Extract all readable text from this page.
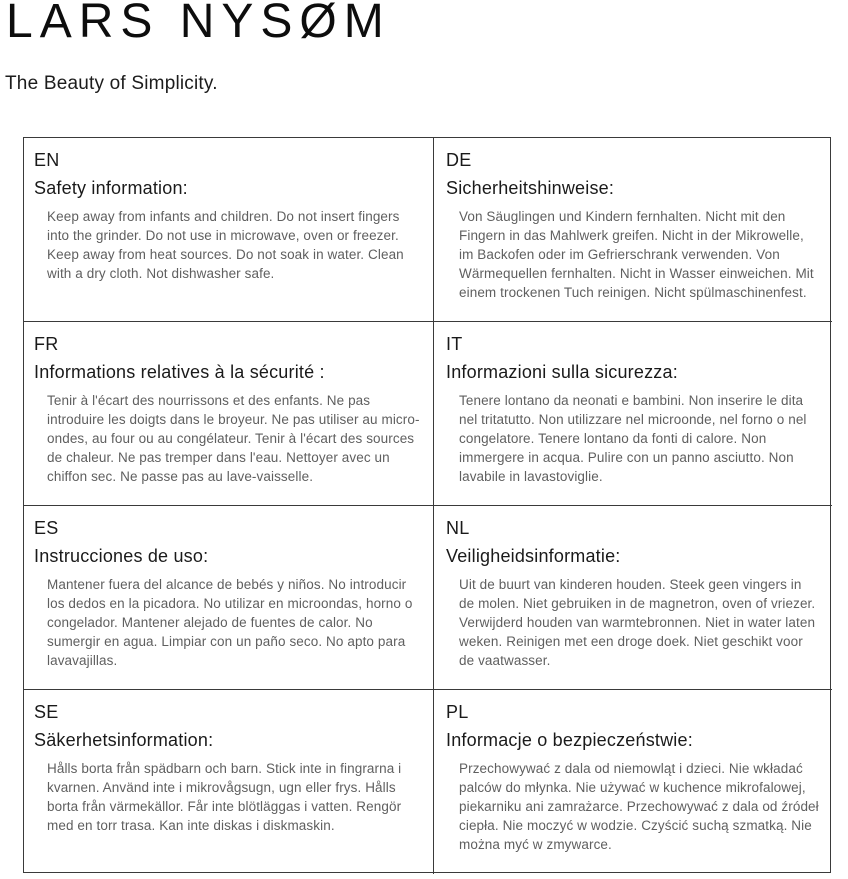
LARS NYSØM
The Beauty of Simplicity.
EN
Safety information:

Keep away from infants and children. Do not insert fingers into the grinder. Do not use in microwave, oven or freezer. Keep away from heat sources. Do not soak in water. Clean with a dry cloth. Not dishwasher safe.

DE
Sicherheitshinweise:

Von Säuglingen und Kindern fernhalten. Nicht mit den Fingern in das Mahlwerk greifen. Nicht in der Mikrowelle, im Backofen oder im Gefrierschrank verwenden. Von Wärmequellen fernhalten. Nicht in Wasser einweichen. Mit einem trockenen Tuch reinigen. Nicht spülmaschinenfest.

FR
Informations relatives à la sécurité :

Tenir à l'écart des nourrissons et des enfants. Ne pas introduire les doigts dans le broyeur. Ne pas utiliser au micro-ondes, au four ou au congélateur. Tenir à l'écart des sources de chaleur. Ne pas tremper dans l'eau. Nettoyer avec un chiffon sec. Ne passe pas au lave-vaisselle.

IT
Informazioni sulla sicurezza:

Tenere lontano da neonati e bambini. Non inserire le dita nel tritatutto. Non utilizzare nel microonde, nel forno o nel congelatore. Tenere lontano da fonti di calore. Non immergere in acqua. Pulire con un panno asciutto. Non lavabile in lavastoviglie.

ES
Instrucciones de uso:

Mantener fuera del alcance de bebés y niños. No introducir los dedos en la picadora. No utilizar en microondas, horno o congelador. Mantener alejado de fuentes de calor. No sumergir en agua. Limpiar con un paño seco. No apto para lavavajillas.

NL
Veiligheidsinformatie:

Uit de buurt van kinderen houden. Steek geen vingers in de molen. Niet gebruiken in de magnetron, oven of vriezer. Verwijderd houden van warmtebronnen. Niet in water laten weken. Reinigen met een droge doek. Niet geschikt voor de vaatwasser.

SE
Säkerhetsinformation:

Hålls borta från spädbarn och barn. Stick inte in fingrarna i kvarnen. Använd inte i mikrovågsugn, ugn eller frys. Hålls borta från värmekällor. Får inte blötläggas i vatten. Rengör med en torr trasa. Kan inte diskas i diskmaskin.

PL
Informacje o bezpieczeństwie:

Przechowywać z dala od niemowląt i dzieci. Nie wkładać palców do młynka. Nie używać w kuchence mikrofalowej, piekarniku ani zamrażarce. Przechowywać z dala od źródeł ciepła. Nie moczyć w wodzie. Czyścić suchą szmatką. Nie można myć w zmywarce.
